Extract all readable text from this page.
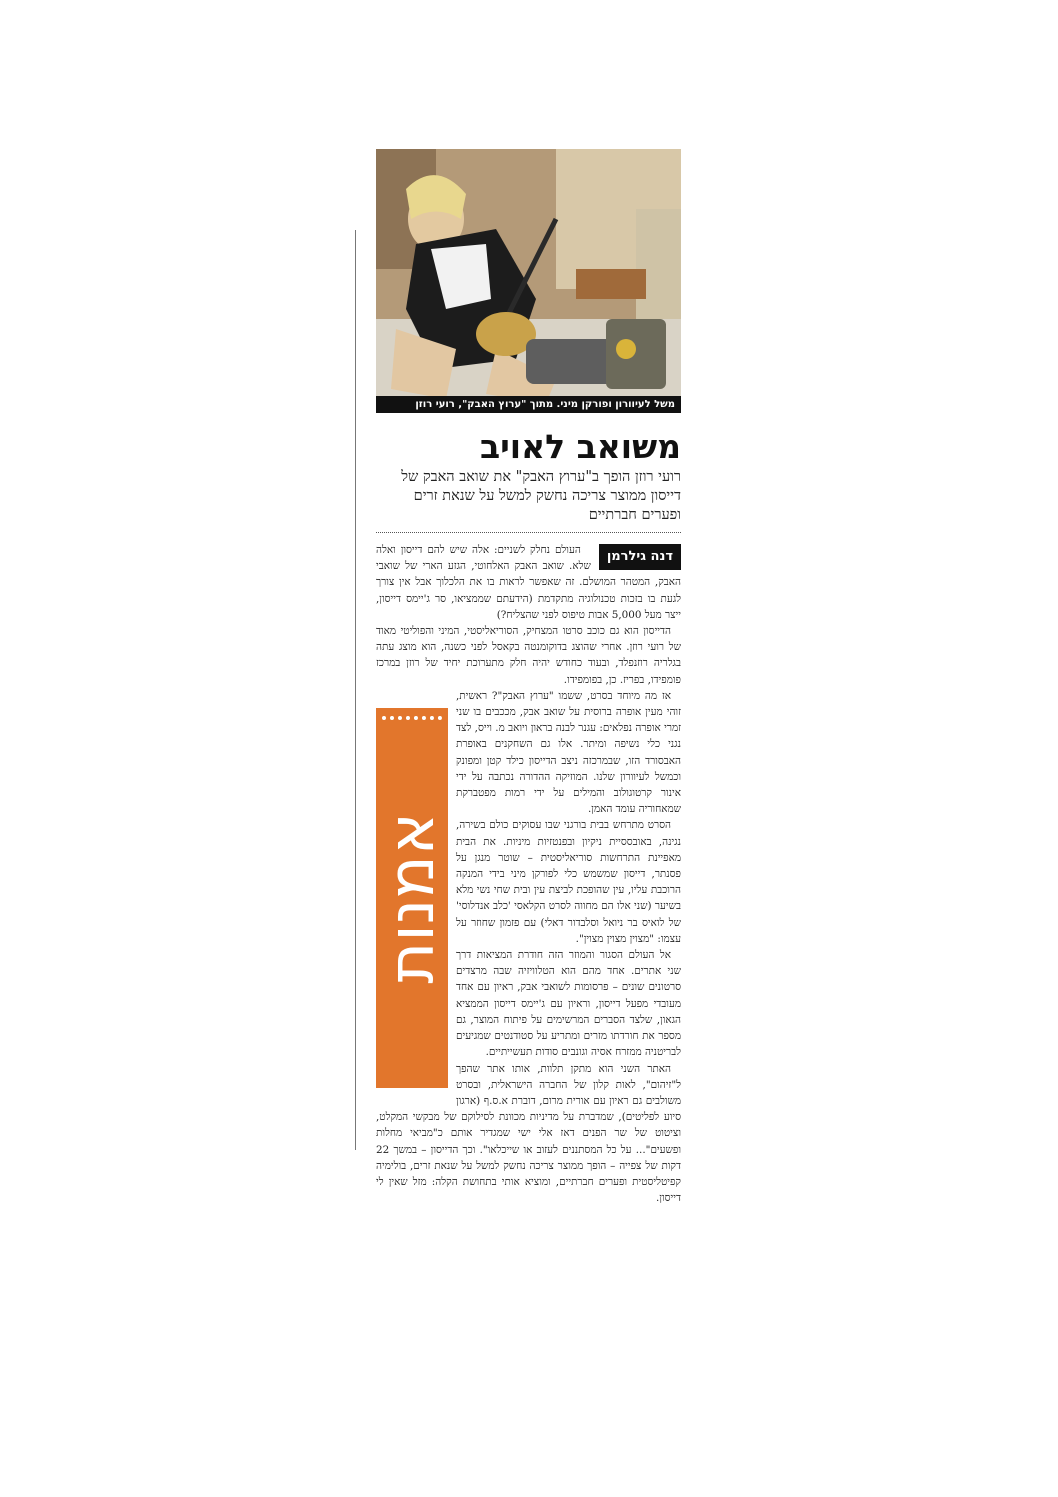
משל לעיוורון ופורקן מיני. מתוך "ערוץ האבק", רועי רוזן
משואב לאויב

רועי רוזן הופך ב"ערוץ האבק" את שואב האבק של דייסון ממוצר צריכה נחשק למשל על שנאת זרים ופערים חברתיים

דנה גילרמן

העולם נחלק לשניים: אלה שיש להם דייסון ואלה שלא. שואב האבק האלחוטי, הגזע הארי של שואבי האבק, המטהר המושלם. זה שאפשר לראות בו את הלכלוך אבל אין צורך לגעת בו בזכות טכנולוגיה מתקדמת (הידעתם שממציאו, סר ג'יימס דייסון, ייצר מעל 5,000 אבות טיפוס לפני שהצליח?)

הדייסון הוא גם כוכב סרטו המצחיק, הסוריאליסטי, המיני והפוליטי מאוד של רועי רוזן. אחרי שהוצג בדוקומנטה בקאסל לפני כשנה, הוא מוצג עתה בגלריה רוזנפלד, ובעוד כחודש יהיה חלק מתערוכת יחיד של רוזן במרכז פומפידו, בפריז. כן, בפומפידו.

אמנות

אז מה מיוחד בסרט, ששמו "ערוץ האבק"? ראשית, זוהי מעין אופרה ברוסית על שואב אבק, מככבים בו שני זמרי אופרה נפלאים: עגנר לבנה בראון ויואב מ. וייס, לצד נגני כלי נשיפה ומיתר. אלו גם השחקנים באופרת האבסורד הזו, שבמרכזה ניצב הדייסון כילד קטן ומפונק וכמשל לעיוורון שלנו. המוזיקה ההדורה נכתבה על ידי אינור קרטוגולוב והמילים על ידי רמות מפטברקת שמאחוריה עומד האמן.

הסרט מתרחש בבית בורגני שבו עסוקים כולם בשירה, נגינה, באובססיית ניקיון ובפנטזיות מיניות. את הבית מאפיינת התרחשות סוריאליסטית – שוטר מנגן על פסנתר, דייסון שמשמש כלי לפורקן מיני בידי המנקה הרוכבת עליו, עין שהופכת לביצת עין ובית שחי נשי מלא בשיער (שני אלו הם מחווה לסרט הקלאסי 'כלב אנדלוסי' של לואיס בר ניואל וסלבדור דאלי) עם פזמון שחוזר על עצמו: "מצוין מצוין מצוין".

אל העולם הסגור והמוזר הזה חודרת המציאות דרך שני אתרים. אחד מהם הוא הטלוויזיה שבה מרצדים סרטונים שונים – פרסומות לשואבי אבק, ראיון עם אחד מעובדי מפעל דייסון, וראיון עם ג'יימס דייסון הממציא הגאון, שלצד הסברים המרשימים על פיתוח המוצר, גם מספר את חורדתו מזרים ומתריע על סטודנטים שמגיעים לבריטניה ממזרח אסיה וגונבים סודות תעשייתיים.

האתר השני הוא מתקן תלוות, אותו אתר שהפך ל"זיהום", לאות קלון של החברה הישראלית, ובסרט משולבים גם ראיון עם אורית מרום, דוברת א.ס.ף (ארגון סיוע לפליטים), שמדברת על מדיניות מכוונת לסילוקם של מבקשי המקלט, וציטוט של שר הפנים דאז אלי ישי שמגדיר אותם כ"מביאי מחלות ופשעים"... על כל המסתננים לעזוב או שייכלאו". וכך הדייסון – במשך 22 דקות של צפייה – הופך ממוצר צריכה נחשק למשל על שנאת זרים, בולימיה קפיטליסטית ופערים חברתיים, ומוציא אותי בתחושת הקלה: מזל שאין לי דייסון.
